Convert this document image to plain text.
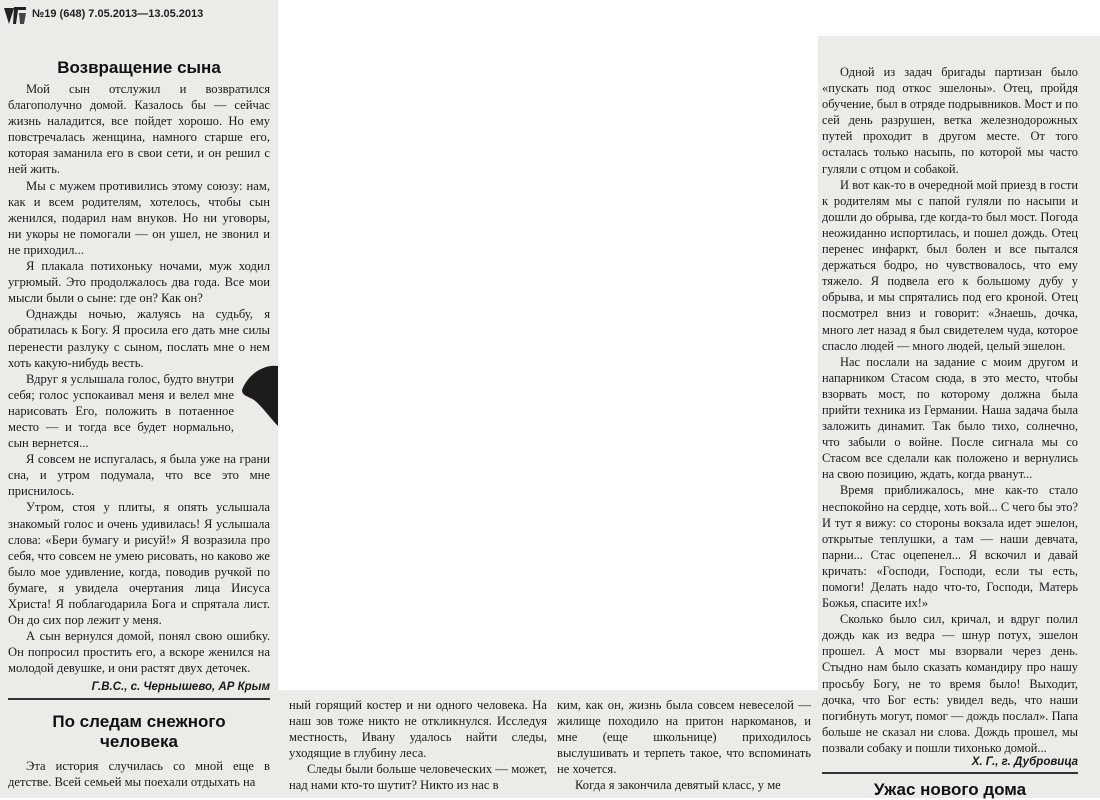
№19 (648) 7.05.2013—13.05.2013
Возвращение сына

Мой сын отслужил и возвратился благополучно домой. Казалось бы — сейчас жизнь наладится, все пойдет хорошо. Но ему повстречалась женщина, намного старше его, которая заманила его в свои сети, и он решил с ней жить.

Мы с мужем противились этому союзу: нам, как и всем родителям, хотелось, чтобы сын женился, подарил нам внуков. Но ни уговоры, ни укоры не помогали — он ушел, не звонил и не приходил...

Я плакала потихоньку ночами, муж ходил угрюмый. Это продолжалось два года. Все мои мысли были о сыне: где он? Как он?

Однажды ночью, жалуясь на судьбу, я обратилась к Богу. Я просила его дать мне силы перенести разлуку с сыном, послать мне о нем хоть какую-нибудь весть.

Вдруг я услышала голос, будто внутри себя; голос успокаивал меня и велел мне нарисовать Его, положить в потаенное место — и тогда все будет нормально, сын вернется...

Я совсем не испугалась, я была уже на грани сна, и утром подумала, что все это мне приснилось.

Утром, стоя у плиты, я опять услышала знакомый голос и очень удивилась! Я услышала слова: «Бери бумагу и рисуй!» Я возразила про себя, что совсем не умею рисовать, но каково же было мое удивление, когда, поводив ручкой по бумаге, я увидела очертания лица Иисуса Христа! Я поблагодарила Бога и спрятала лист. Он до сих пор лежит у меня.

А сын вернулся домой, понял свою ошибку. Он попросил простить его, а вскоре женился на молодой девушке, и они растят двух деточек.

Г.В.С., с. Чернышево, АР Крым
По следам снежного человека

Эта история случилась со мной еще в детстве. Всей семьей мы поехали отдыхать на

ный горящий костер и ни одного человека. На наш зов тоже никто не откликнулся. Исследуя местность, Ивану удалось найти следы, уходящие в глубину леса.

Следы были больше человеческих — может, над нами кто-то шутит? Никто из нас в

ким, как он, жизнь была совсем невеселой — жилище походило на притон наркоманов, и мне (еще школьнице) приходилось выслушивать и терпеть такое, что вспоминать не хочется.

Когда я закончила девятый класс, у ме

Одной из задач бригады партизан было «пускать под откос эшелоны». Отец, пройдя обучение, был в отряде подрывников. Мост и по сей день разрушен, ветка железнодорожных путей проходит в другом месте. От того осталась только насыпь, по которой мы часто гуляли с отцом и собакой.

И вот как-то в очередной мой приезд в гости к родителям мы с папой гуляли по насыпи и дошли до обрыва, где когда-то был мост. Погода неожиданно испортилась, и пошел дождь. Отец перенес инфаркт, был болен и все пытался держаться бодро, но чувствовалось, что ему тяжело. Я подвела его к большому дубу у обрыва, и мы спрятались под его кроной. Отец посмотрел вниз и говорит: «Знаешь, дочка, много лет назад я был свидетелем чуда, которое спасло людей — много людей, целый эшелон.

Нас послали на задание с моим другом и напарником Стасом сюда, в это место, чтобы взорвать мост, по которому должна была прийти техника из Германии. Наша задача была заложить динамит. Так было тихо, солнечно, что забыли о войне. После сигнала мы со Стасом все сделали как положено и вернулись на свою позицию, ждать, когда рванут...

Время приближалось, мне как-то стало неспокойно на сердце, хоть вой... С чего бы это? И тут я вижу: со стороны вокзала идет эшелон, открытые теплушки, а там — наши девчата, парни... Стас оцепенел... Я вскочил и давай кричать: «Господи, Господи, если ты есть, помоги! Делать надо что-то, Господи, Матерь Божья, спасите их!»

Сколько было сил, кричал, и вдруг полил дождь как из ведра — шнур потух, эшелон прошел. А мост мы взорвали через день. Стыдно нам было сказать командиру про нашу просьбу Богу, не то время было! Выходит, дочка, что Бог есть: увидел ведь, что наши погибнуть могут, помог — дождь послал». Папа больше не сказал ни слова. Дождь прошел, мы позвали собаку и пошли тихонько домой...

Х. Г., г. Дубровица
Ужас нового дома
